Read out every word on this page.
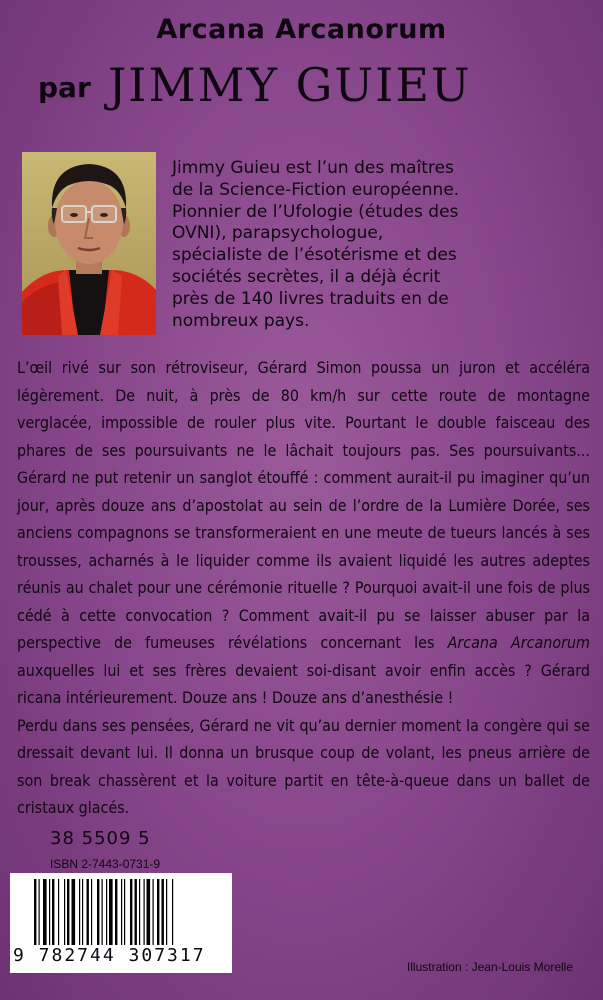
Arcana Arcanorum
par JIMMY GUIEU
Jimmy Guieu est l’un des maîtres de la Science-Fiction européenne. Pionnier de l’Ufologie (études des OVNI), parapsychologue, spécialiste de l’ésotérisme et des sociétés secrètes, il a déjà écrit près de 140 livres traduits en de nombreux pays.

L’œil rivé sur son rétroviseur, Gérard Simon poussa un juron et accéléra légèrement. De nuit, à près de 80 km/h sur cette route de montagne verglacée, impossible de rouler plus vite. Pourtant le double faisceau des phares de ses poursuivants ne le lâchait toujours pas. Ses poursuivants... Gérard ne put retenir un sanglot étouffé : comment aurait-il pu imaginer qu’un jour, après douze ans d’apostolat au sein de l’ordre de la Lumière Dorée, ses anciens compagnons se transformeraient en une meute de tueurs lancés à ses trousses, acharnés à le liquider comme ils avaient liquidé les autres adeptes réunis au chalet pour une cérémonie rituelle ? Pourquoi avait-il une fois de plus cédé à cette convocation ? Comment avait-il pu se laisser abuser par la perspective de fumeuses révélations concernant les Arcana Arcanorum auxquelles lui et ses frères devaient soi-disant avoir enfin accès ? Gérard ricana intérieurement. Douze ans ! Douze ans d’anesthésie !

Perdu dans ses pensées, Gérard ne vit qu’au dernier moment la congère qui se dressait devant lui. Il donna un brusque coup de volant, les pneus arrière de son break chassèrent et la voiture partit en tête-à-queue dans un ballet de cristaux glacés.

38 5509 5
ISBN 2-7443-0731-9
9 782744 307317
Illustration : Jean-Louis Morelle
